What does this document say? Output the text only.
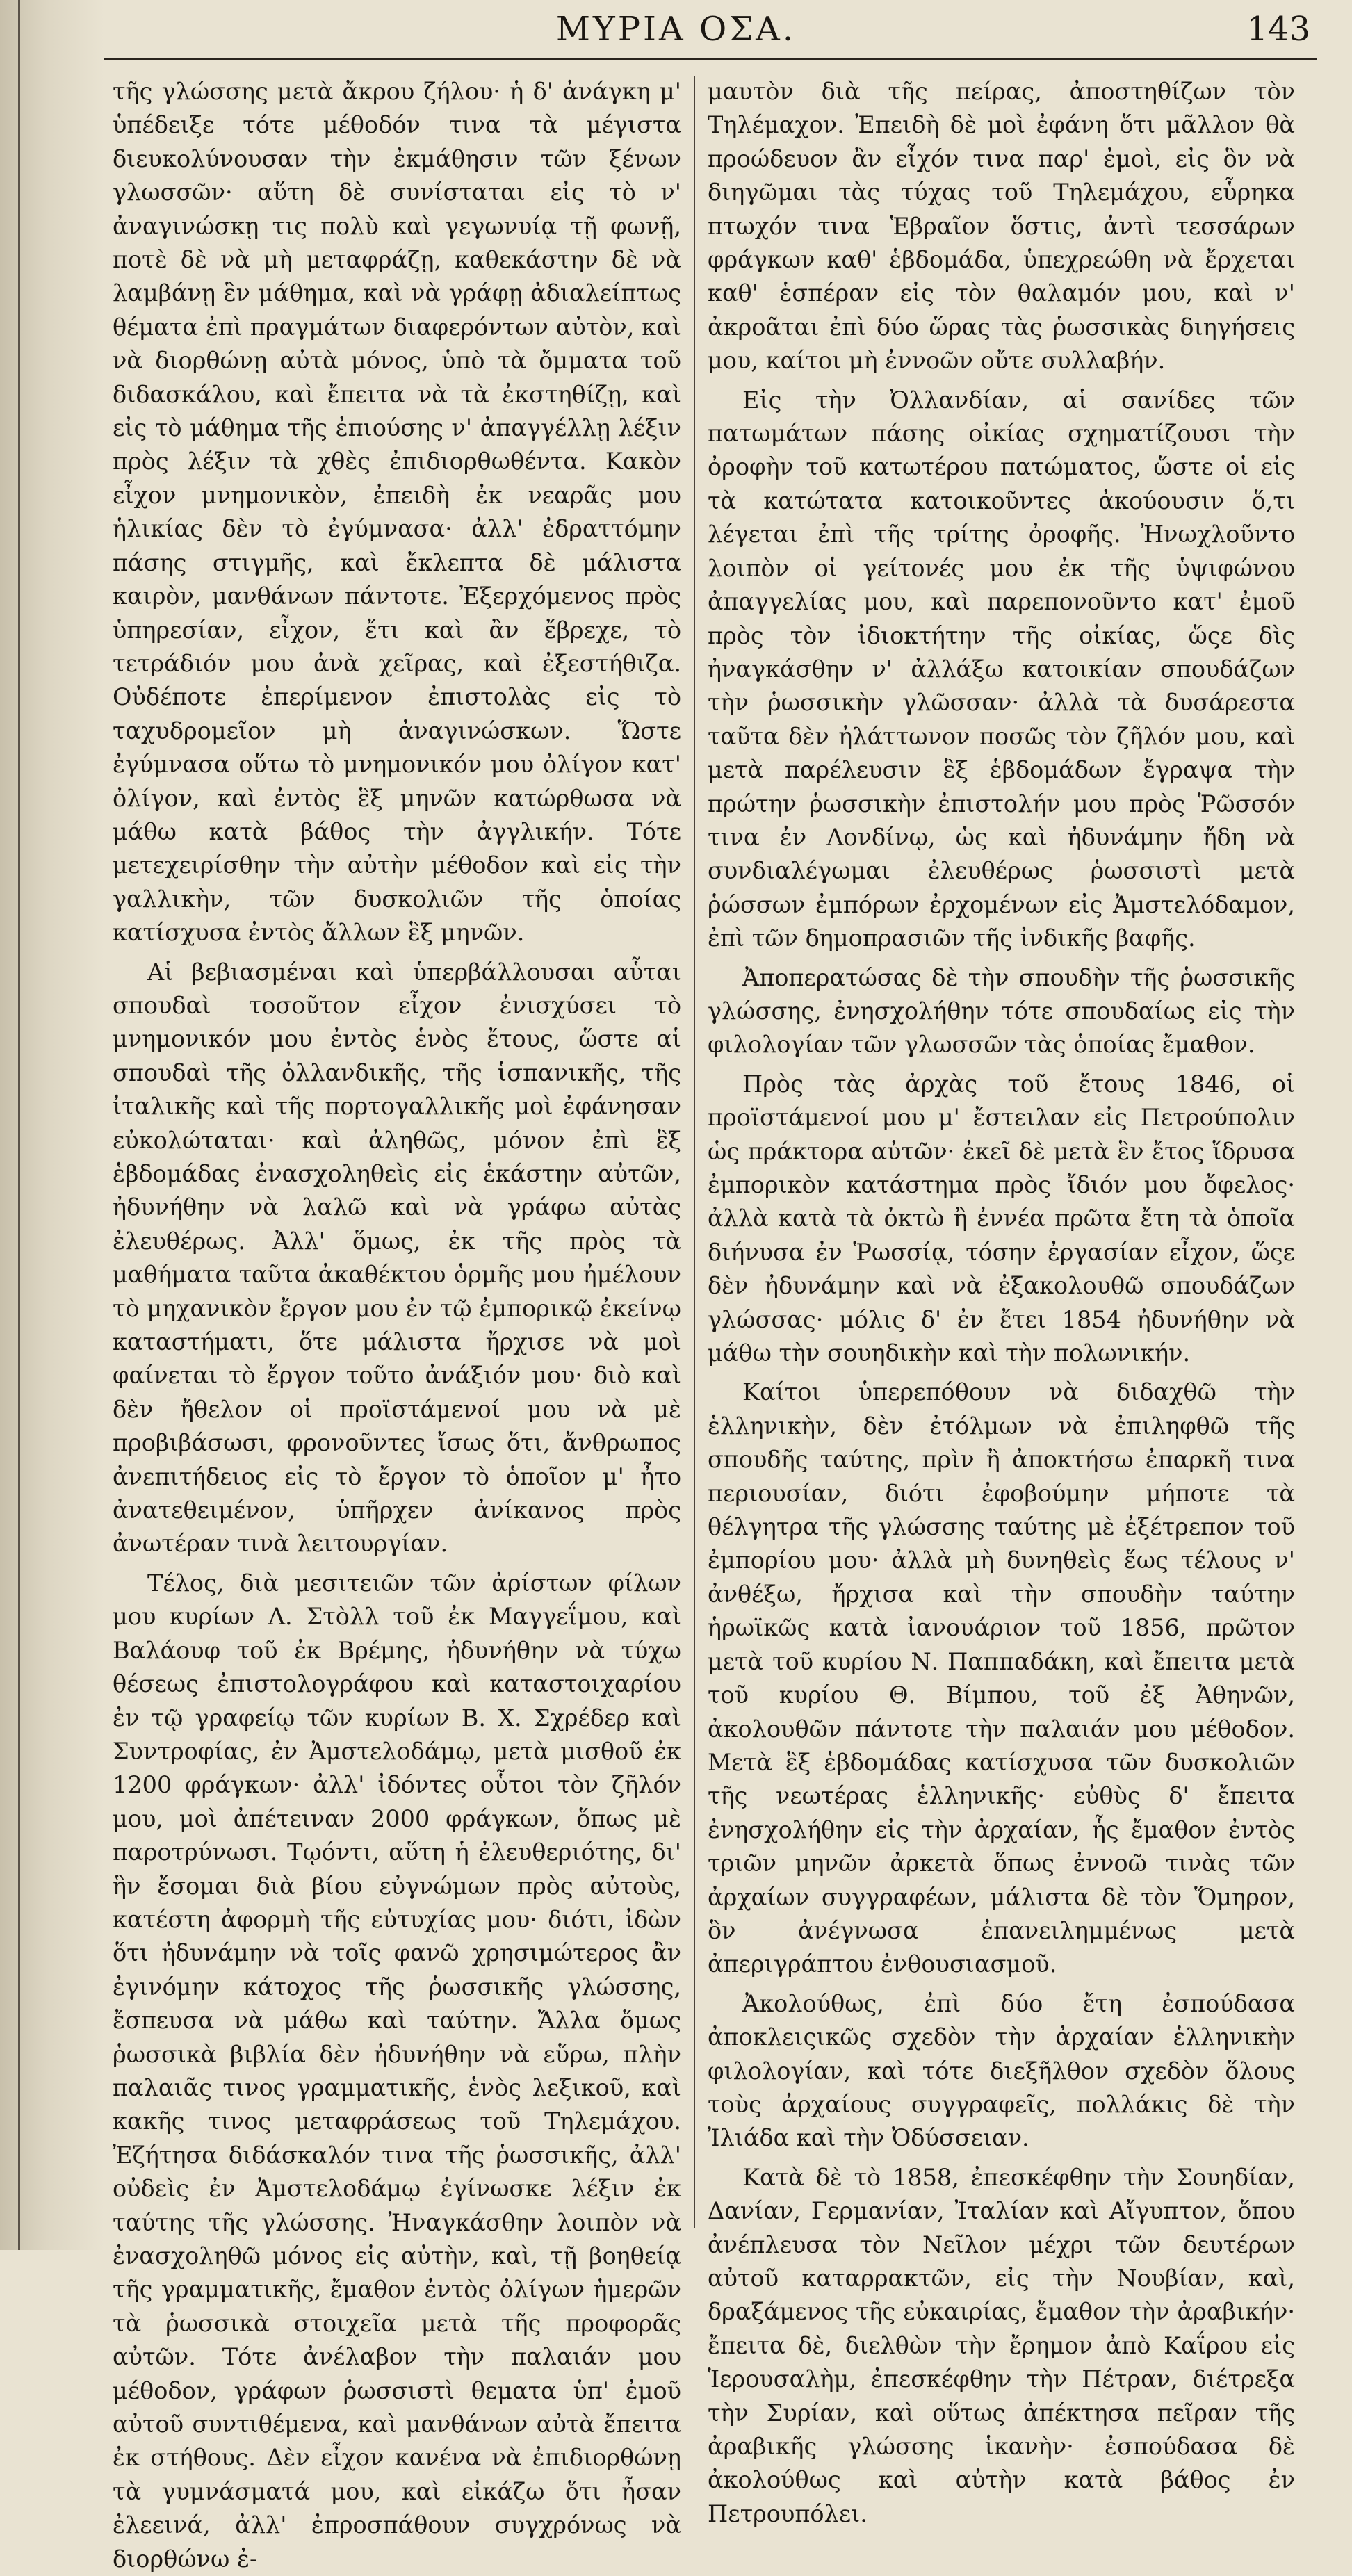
ΜΥΡΙΑ ΟΣΑ.	143

τῆς γλώσσης μετὰ ἄκρου ζήλου· ἡ δ' ἀνάγκη μ' ὑπέδειξε τότε μέθοδόν τινα τὰ μέγιστα διευκολύνουσαν τὴν ἐκμάθησιν τῶν ξένων γλωσσῶν· αὕτη δὲ συνίσταται εἰς τὸ ν' ἀναγινώσκῃ τις πολὺ καὶ γεγωνυίᾳ τῇ φωνῇ, ποτὲ δὲ νὰ μὴ μεταφράζῃ, καθεκάστην δὲ νὰ λαμβάνῃ ἓν μάθημα, καὶ νὰ γράφῃ ἀδιαλείπτως θέματα ἐπὶ πραγμάτων διαφερόντων αὐτὸν, καὶ νὰ διορθώνῃ αὐτὰ μόνος, ὑπὸ τὰ ὄμματα τοῦ διδασκάλου, καὶ ἔπειτα νὰ τὰ ἐκστηθίζῃ, καὶ εἰς τὸ μάθημα τῆς ἐπιούσης ν' ἀπαγγέλλῃ λέξιν πρὸς λέξιν τὰ χθὲς ἐπιδιορθωθέντα. Κακὸν εἶχον μνημονικὸν, ἐπειδὴ ἐκ νεαρᾶς μου ἡλικίας δὲν τὸ ἐγύμνασα· ἀλλ' ἐδραττόμην πάσης στιγμῆς, καὶ ἔκλεπτα δὲ μάλιστα καιρὸν, μανθάνων πάντοτε. Ἐξερχόμενος πρὸς ὑπηρεσίαν, εἶχον, ἔτι καὶ ἂν ἔβρεχε, τὸ τετράδιόν μου ἀνὰ χεῖρας, καὶ ἐξεστήθιζα. Οὐδέποτε ἐπερίμενον ἐπιστολὰς εἰς τὸ ταχυδρομεῖον μὴ ἀναγινώσκων. Ὥστε ἐγύμνασα οὕτω τὸ μνημονικόν μου ὀλίγον κατ' ὀλίγον, καὶ ἐντὸς ἓξ μηνῶν κατώρθωσα νὰ μάθω κατὰ βάθος τὴν ἀγγλικήν. Τότε μετεχειρίσθην τὴν αὐτὴν μέθοδον καὶ εἰς τὴν γαλλικὴν, τῶν δυσκολιῶν τῆς ὁποίας κατίσχυσα ἐντὸς ἄλλων ἓξ μηνῶν.

Αἱ βεβιασμέναι καὶ ὑπερβάλλουσαι αὗται σπουδαὶ τοσοῦτον εἶχον ἐνισχύσει τὸ μνημονικόν μου ἐντὸς ἑνὸς ἔτους, ὥστε αἱ σπουδαὶ τῆς ὀλλανδικῆς, τῆς ἱσπανικῆς, τῆς ἰταλικῆς καὶ τῆς πορτογαλλικῆς μοὶ ἐφάνησαν εὐκολώταται· καὶ ἀληθῶς, μόνον ἐπὶ ἓξ ἑβδομάδας ἐνασχοληθεὶς εἰς ἑκάστην αὐτῶν, ἠδυνήθην νὰ λαλῶ καὶ νὰ γράφω αὐτὰς ἐλευθέρως. Ἀλλ' ὅμως, ἐκ τῆς πρὸς τὰ μαθήματα ταῦτα ἀκαθέκτου ὁρμῆς μου ἠμέλουν τὸ μηχανικὸν ἔργον μου ἐν τῷ ἐμπορικῷ ἐκείνῳ καταστήματι, ὅτε μάλιστα ἤρχισε νὰ μοὶ φαίνεται τὸ ἔργον τοῦτο ἀνάξιόν μου· διὸ καὶ δὲν ἤθελον οἱ προϊστάμενοί μου νὰ μὲ προβιβάσωσι, φρονοῦντες ἴσως ὅτι, ἄνθρωπος ἀνεπιτήδειος εἰς τὸ ἔργον τὸ ὁποῖον μ' ἦτο ἀνατεθειμένον, ὑπῆρχεν ἀνίκανος πρὸς ἀνωτέραν τινὰ λειτουργίαν.

Τέλος, διὰ μεσιτειῶν τῶν ἀρίστων φίλων μου κυρίων Λ. Στὸλλ τοῦ ἐκ Μαγγεΐμου, καὶ Βαλάουφ τοῦ ἐκ Βρέμης, ἠδυνήθην νὰ τύχω θέσεως ἐπιστολογράφου καὶ καταστοιχαρίου ἐν τῷ γραφείῳ τῶν κυρίων Β. Χ. Σχρέδερ καὶ Συντροφίας, ἐν Ἀμστελοδάμῳ, μετὰ μισθοῦ ἐκ 1200 φράγκων· ἀλλ' ἰδόντες οὗτοι τὸν ζῆλόν μου, μοὶ ἀπέτειναν 2000 φράγκων, ὅπως μὲ παροτρύνωσι. Τῳόντι, αὕτη ἡ ἐλευθεριότης, δι' ἣν ἔσομαι διὰ βίου εὐγνώμων πρὸς αὐτοὺς, κατέστη ἀφορμὴ τῆς εὐτυχίας μου· διότι, ἰδὼν ὅτι ἠδυνάμην νὰ τοῖς φανῶ χρησιμώτερος ἂν ἐγινόμην κάτοχος τῆς ῥωσσικῆς γλώσσης, ἔσπευσα νὰ μάθω καὶ ταύτην. Ἄλλα ὅμως ῥωσσικὰ βιβλία δὲν ἠδυνήθην νὰ εὕρω, πλὴν παλαιᾶς τινος γραμματικῆς, ἑνὸς λεξικοῦ, καὶ κακῆς τινος μεταφράσεως τοῦ Τηλεμάχου. Ἐζήτησα διδάσκαλόν τινα τῆς ῥωσσικῆς, ἀλλ' οὐδεὶς ἐν Ἀμστελοδάμῳ ἐγίνωσκε λέξιν ἐκ ταύτης τῆς γλώσσης. Ἠναγκάσθην λοιπὸν νὰ ἐνασχοληθῶ μόνος εἰς αὐτὴν, καὶ, τῇ βοηθείᾳ τῆς γραμματικῆς, ἔμαθον ἐντὸς ὀλίγων ἡμερῶν τὰ ῥωσσικὰ στοιχεῖα μετὰ τῆς προφορᾶς αὐτῶν. Τότε ἀνέλαβον τὴν παλαιάν μου μέθοδον, γράφων ῥωσσιστὶ θεματα ὑπ' ἐμοῦ αὐτοῦ συντιθέμενα, καὶ μανθάνων αὐτὰ ἔπειτα ἐκ στήθους. Δὲν εἶχον κανένα νὰ ἐπιδιορθώνῃ τὰ γυμνάσματά μου, καὶ εἰκάζω ὅτι ἦσαν ἐλεεινά, ἀλλ' ἐπροσπάθουν συγχρόνως νὰ διορθώνω ἐ-

μαυτὸν διὰ τῆς πείρας, ἀποστηθίζων τὸν Τηλέμαχον. Ἐπειδὴ δὲ μοὶ ἐφάνη ὅτι μᾶλλον θὰ προώδευον ἂν εἶχόν τινα παρ' ἐμοὶ, εἰς ὃν νὰ διηγῶμαι τὰς τύχας τοῦ Τηλεμάχου, εὗρηκα πτωχόν τινα Ἑβραῖον ὅστις, ἀντὶ τεσσάρων φράγκων καθ' ἑβδομάδα, ὑπεχρεώθη νὰ ἔρχεται καθ' ἑσπέραν εἰς τὸν θαλαμόν μου, καὶ ν' ἀκροᾶται ἐπὶ δύο ὥρας τὰς ῥωσσικὰς διηγήσεις μου, καίτοι μὴ ἐννοῶν οὔτε συλλαβήν.

Εἰς τὴν Ὀλλανδίαν, αἱ σανίδες τῶν πατωμάτων πάσης οἰκίας σχηματίζουσι τὴν ὀροφὴν τοῦ κατωτέρου πατώματος, ὥστε οἱ εἰς τὰ κατώτατα κατοικοῦντες ἀκούουσιν ὅ,τι λέγεται ἐπὶ τῆς τρίτης ὀροφῆς. Ἠνωχλοῦντο λοιπὸν οἱ γείτονές μου ἐκ τῆς ὑψιφώνου ἀπαγγελίας μου, καὶ παρεπονοῦντο κατ' ἐμοῦ πρὸς τὸν ἰδιοκτήτην τῆς οἰκίας, ὥςε δὶς ἠναγκάσθην ν' ἀλλάξω κατοικίαν σπουδάζων τὴν ῥωσσικὴν γλῶσσαν· ἀλλὰ τὰ δυσάρεστα ταῦτα δὲν ἠλάττωνον ποσῶς τὸν ζῆλόν μου, καὶ μετὰ παρέλευσιν ἓξ ἑβδομάδων ἔγραψα τὴν πρώτην ῥωσσικὴν ἐπιστολήν μου πρὸς Ῥῶσσόν τινα ἐν Λονδίνῳ, ὡς καὶ ἠδυνάμην ἤδη νὰ συνδιαλέγωμαι ἐλευθέρως ῥωσσιστὶ μετὰ ῥώσσων ἐμπόρων ἐρχομένων εἰς Ἀμστελόδαμον, ἐπὶ τῶν δημοπρασιῶν τῆς ἰνδικῆς βαφῆς.

Ἀποπερατώσας δὲ τὴν σπουδὴν τῆς ῥωσσικῆς γλώσσης, ἐνησχολήθην τότε σπουδαίως εἰς τὴν φιλολογίαν τῶν γλωσσῶν τὰς ὁποίας ἔμαθον.

Πρὸς τὰς ἀρχὰς τοῦ ἔτους 1846, οἱ προϊστάμενοί μου μ' ἔστειλαν εἰς Πετρούπολιν ὡς πράκτορα αὐτῶν· ἐκεῖ δὲ μετὰ ἓν ἔτος ἵδρυσα ἐμπορικὸν κατάστημα πρὸς ἴδιόν μου ὄφελος· ἀλλὰ κατὰ τὰ ὀκτὼ ἢ ἐννέα πρῶτα ἔτη τὰ ὁποῖα διήνυσα ἐν Ῥωσσίᾳ, τόσην ἐργασίαν εἶχον, ὥςε δὲν ἠδυνάμην καὶ νὰ ἐξακολουθῶ σπουδάζων γλώσσας· μόλις δ' ἐν ἔτει 1854 ἠδυνήθην νὰ μάθω τὴν σουηδικὴν καὶ τὴν πολωνικήν.

Καίτοι ὑπερεπόθουν νὰ διδαχθῶ τὴν ἑλληνικὴν, δὲν ἐτόλμων νὰ ἐπιληφθῶ τῆς σπουδῆς ταύτης, πρὶν ἢ ἀποκτήσω ἐπαρκῆ τινα περιουσίαν, διότι ἐφοβούμην μήποτε τὰ θέλγητρα τῆς γλώσσης ταύτης μὲ ἐξέτρεπον τοῦ ἐμπορίου μου· ἀλλὰ μὴ δυνηθεὶς ἕως τέλους ν' ἀνθέξω, ἤρχισα καὶ τὴν σπουδὴν ταύτην ἡρωϊκῶς κατὰ ἰανουάριον τοῦ 1856, πρῶτον μετὰ τοῦ κυρίου Ν. Παππαδάκη, καὶ ἔπειτα μετὰ τοῦ κυρίου Θ. Βίμπου, τοῦ ἐξ Ἀθηνῶν, ἀκολουθῶν πάντοτε τὴν παλαιάν μου μέθοδον. Μετὰ ἓξ ἑβδομάδας κατίσχυσα τῶν δυσκολιῶν τῆς νεωτέρας ἑλληνικῆς· εὐθὺς δ' ἔπειτα ἐνησχολήθην εἰς τὴν ἀρχαίαν, ἧς ἔμαθον ἐντὸς τριῶν μηνῶν ἀρκετὰ ὅπως ἐννοῶ τινὰς τῶν ἀρχαίων συγγραφέων, μάλιστα δὲ τὸν Ὅμηρον, ὃν ἀνέγνωσα ἐπανειλημμένως μετὰ ἀπεριγράπτου ἐνθουσιασμοῦ.

Ἀκολούθως, ἐπὶ δύο ἔτη ἐσπούδασα ἀποκλειςικῶς σχεδὸν τὴν ἀρχαίαν ἑλληνικὴν φιλολογίαν, καὶ τότε διεξῆλθον σχεδὸν ὅλους τοὺς ἀρχαίους συγγραφεῖς, πολλάκις δὲ τὴν Ἰλιάδα καὶ τὴν Ὀδύσσειαν.

Κατὰ δὲ τὸ 1858, ἐπεσκέφθην τὴν Σουηδίαν, Δανίαν, Γερμανίαν, Ἰταλίαν καὶ Αἴγυπτον, ὅπου ἀνέπλευσα τὸν Νεῖλον μέχρι τῶν δευτέρων αὐτοῦ καταρρακτῶν, εἰς τὴν Νουβίαν, καὶ, δραξάμενος τῆς εὐκαιρίας, ἔμαθον τὴν ἀραβικήν· ἔπειτα δὲ, διελθὼν τὴν ἔρημον ἀπὸ Καΐρου εἰς Ἱερουσαλὴμ, ἐπεσκέφθην τὴν Πέτραν, διέτρεξα τὴν Συρίαν, καὶ οὕτως ἀπέκτησα πεῖραν τῆς ἀραβικῆς γλώσσης ἱκανὴν· ἐσπούδασα δὲ ἀκολούθως καὶ αὐτὴν κατὰ βάθος ἐν Πετρουπόλει.
